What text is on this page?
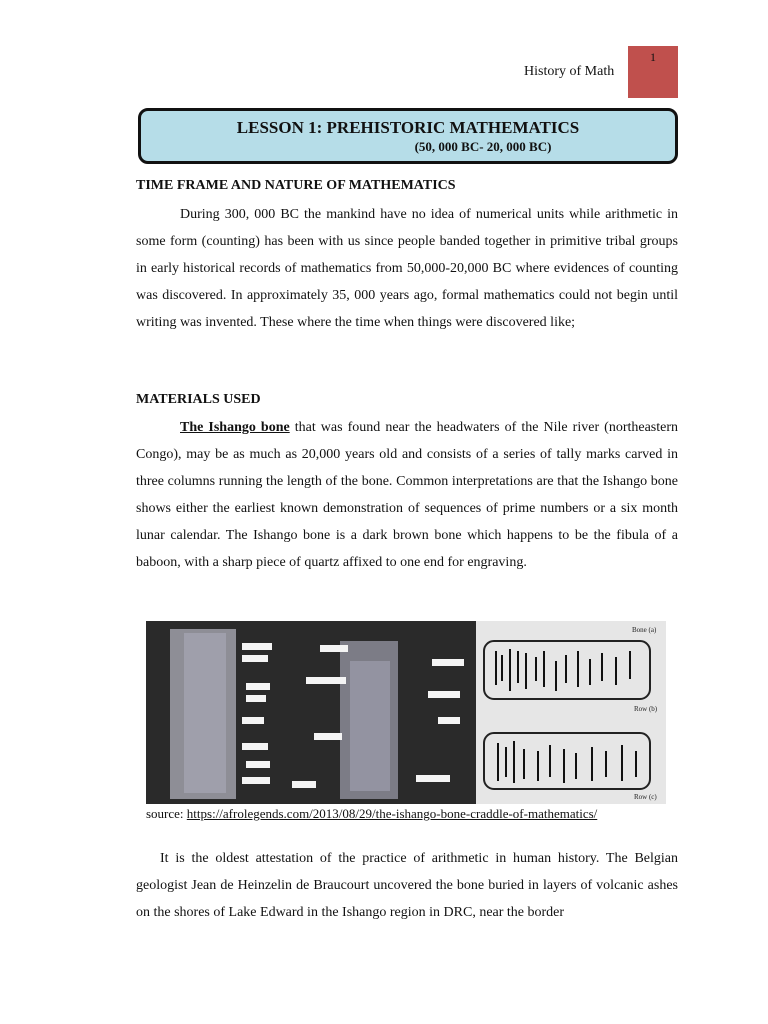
History of Math
1
LESSON 1: PREHISTORIC MATHEMATICS
(50, 000 BC- 20, 000 BC)
TIME FRAME AND NATURE OF MATHEMATICS

During 300, 000 BC the mankind have no idea of numerical units while arithmetic in some form (counting) has been with us since people banded together in primitive tribal groups in early historical records of mathematics from 50,000-20,000 BC where evidences of counting was discovered. In approximately 35, 000 years ago, formal mathematics could not begin until writing was invented. These where the time when things were discovered like;

MATERIALS USED

The Ishango bone that was found near the headwaters of the Nile river (northeastern Congo), may be as much as 20,000 years old and consists of a series of tally marks carved in three columns running the length of the bone. Common interpretations are that the Ishango bone shows either the earliest known demonstration of sequences of prime numbers or a six month lunar calendar. The Ishango bone is a dark brown bone which happens to be the fibula of a baboon, with a sharp piece of quartz affixed to one end for engraving.

Bone (a)
Row (b)
Row (c)
source: https://afrolegends.com/2013/08/29/the-ishango-bone-craddle-of-mathematics/

It is the oldest attestation of the practice of arithmetic in human history. The Belgian geologist Jean de Heinzelin de Braucourt uncovered the bone buried in layers of volcanic ashes on the shores of Lake Edward in the Ishango region in DRC, near the border
